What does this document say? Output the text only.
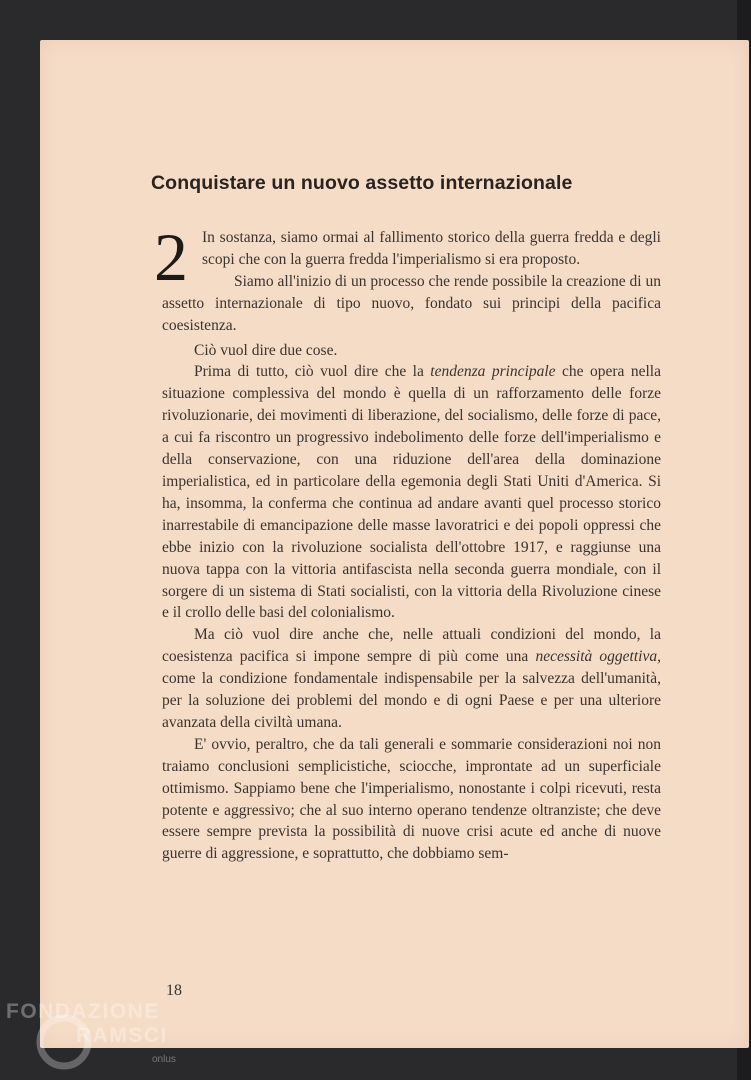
Conquistare un nuovo assetto internazionale

2 In sostanza, siamo ormai al fallimento storico della guerra fredda e degli scopi che con la guerra fredda l'imperialismo si era proposto.

Siamo all'inizio di un processo che rende possibile la creazione di un assetto internazionale di tipo nuovo, fondato sui principi della pacifica coesistenza.

Ciò vuol dire due cose.

Prima di tutto, ciò vuol dire che la tendenza principale che opera nella situazione complessiva del mondo è quella di un rafforzamento delle forze rivoluzionarie, dei movimenti di liberazione, del socialismo, delle forze di pace, a cui fa riscontro un progressivo indebolimento delle forze dell'imperialismo e della conservazione, con una riduzione dell'area della dominazione imperialistica, ed in particolare della egemonia degli Stati Uniti d'America. Si ha, insomma, la conferma che continua ad andare avanti quel processo storico inarrestabile di emancipazione delle masse lavoratrici e dei popoli oppressi che ebbe inizio con la rivoluzione socialista dell'ottobre 1917, e raggiunse una nuova tappa con la vittoria antifascista nella seconda guerra mondiale, con il sorgere di un sistema di Stati socialisti, con la vittoria della Rivoluzione cinese e il crollo delle basi del colonialismo.

Ma ciò vuol dire anche che, nelle attuali condizioni del mondo, la coesistenza pacifica si impone sempre di più come una necessità oggettiva, come la condizione fondamentale indispensabile per la salvezza dell'umanità, per la soluzione dei problemi del mondo e di ogni Paese e per una ulteriore avanzata della civiltà umana.

E' ovvio, peraltro, che da tali generali e sommarie considerazioni noi non traiamo conclusioni semplicistiche, sciocche, improntate ad un superficiale ottimismo. Sappiamo bene che l'imperialismo, nonostante i colpi ricevuti, resta potente e aggressivo; che al suo interno operano tendenze oltranziste; che deve essere sempre prevista la possibilità di nuove crisi acute ed anche di nuove guerre di aggressione, e soprattutto, che dobbiamo sem-

18
FONDAZIONE
RAMSCI
onlus
